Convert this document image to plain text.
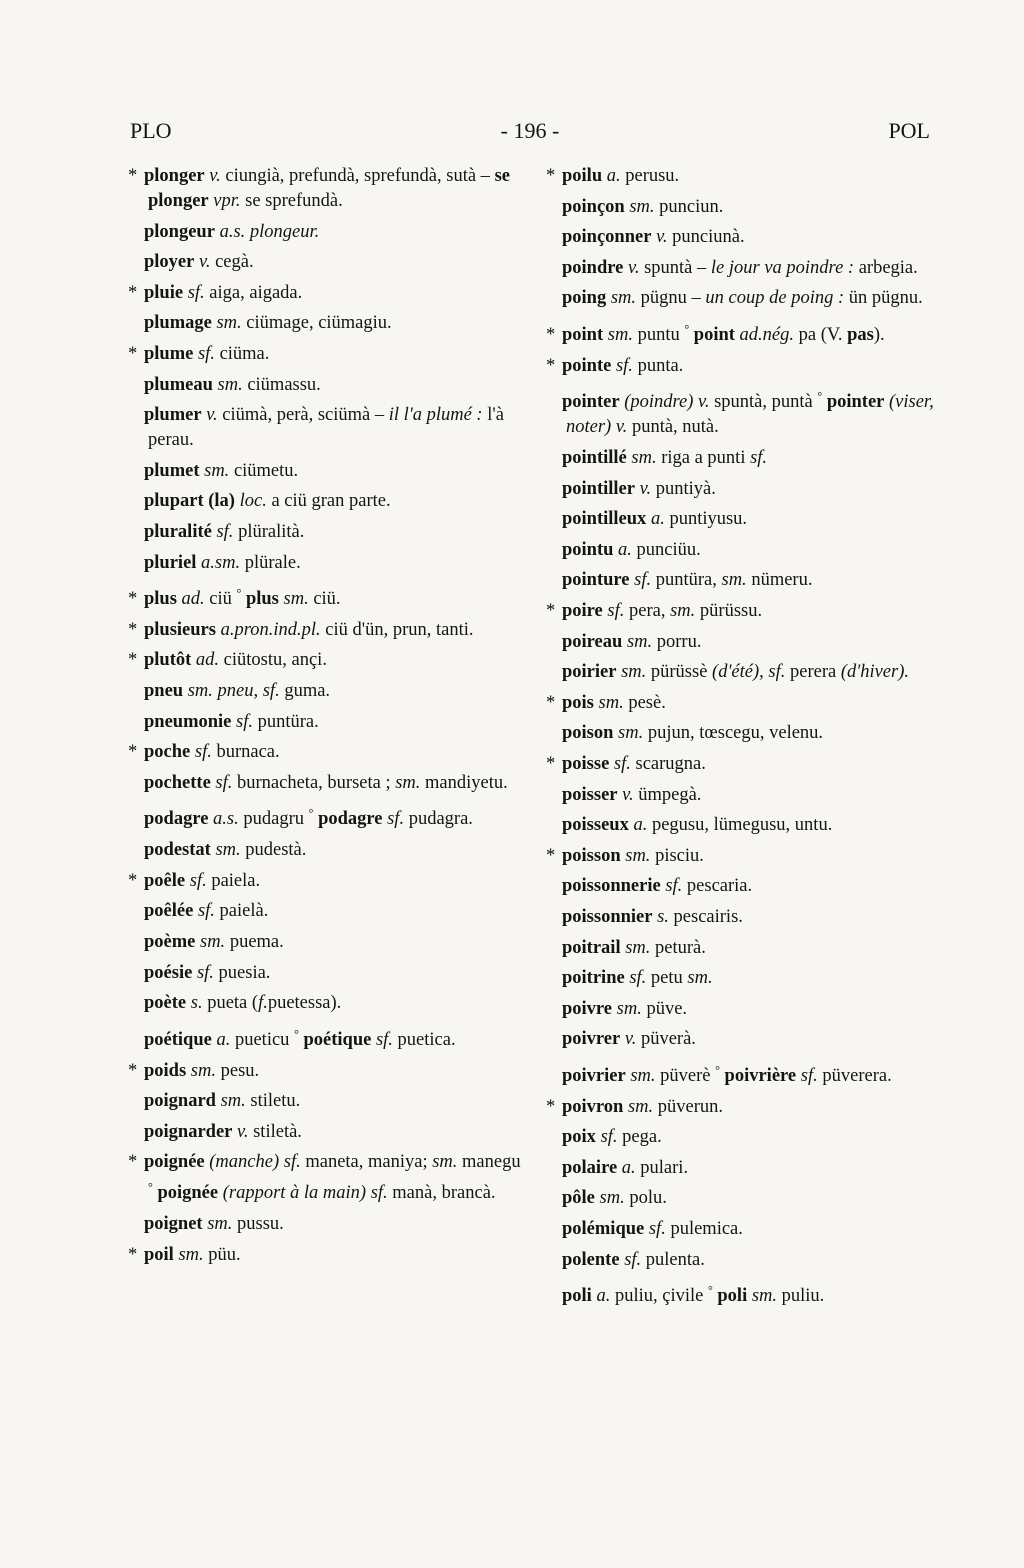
PLO	- 196 -	POL
* plonger v. ciungià, prefundà, sprefundà, sutà – se plonger vpr. se sprefundà.
plongeur a.s. plongeur.
ployer v. cegà.
* pluie sf. aiga, aigada.
plumage sm. ciümage, ciümagiu.
* plume sf. ciüma.
plumeau sm. ciümassu.
plumer v. ciümà, perà, sciümà – il l'a plumé : l'à perau.
plumet sm. ciümetu.
plupart (la) loc. a ciü gran parte.
pluralité sf. plüralità.
pluriel a.sm. plürale.
* plus ad. ciü ° plus sm. ciü.
* plusieurs a.pron.ind.pl. ciü d'ün, prun, tanti.
* plutôt ad. ciütostu, ançi.
pneu sm. pneu, sf. guma.
pneumonie sf. puntüra.
* poche sf. burnaca.
pochette sf. burnacheta, burseta ; sm. mandiyetu.
podagre a.s. pudagru ° podagre sf. pudagra.
podestat sm. pudestà.
* poêle sf. paiela.
poêlée sf. paielà.
poème sm. puema.
poésie sf. puesia.
poète s. pueta (f.puetessa).
poétique a. pueticu ° poétique sf. puetica.
* poids sm. pesu.
poignard sm. stiletu.
poignarder v. stiletà.
* poignée (manche) sf. maneta, maniya; sm. manegu ° poignée (rapport à la main) sf. manà, brancà.
poignet sm. pussu.
* poil sm. püu.
* poilu a. perusu.
poinçon sm. punciun.
poinçonner v. punciunà.
poindre v. spuntà – le jour va poindre : arbegia.
poing sm. pügnu – un coup de poing : ün pügnu.
* point sm. puntu ° point ad.nég. pa (V. pas).
* pointe sf. punta.
pointer (poindre) v. spuntà, puntà ° pointer (viser, noter) v. puntà, nutà.
pointillé sm. riga a punti sf.
pointiller v. puntiyà.
pointilleux a. puntiyusu.
pointu a. punciüu.
pointure sf. puntüra, sm. nümeru.
* poire sf. pera, sm. pürüssu.
poireau sm. porru.
poirier sm. pürüssè (d'été), sf. perera (d'hiver).
* pois sm. pesè.
poison sm. pujun, tœscegu, velenu.
* poisse sf. scarugna.
poisser v. ümpegà.
poisseux a. pegusu, lümegusu, untu.
* poisson sm. pisciu.
poissonnerie sf. pescaria.
poissonnier s. pescairis.
poitrail sm. peturà.
poitrine sf. petu sm.
poivre sm. püve.
poivrer v. püverà.
poivrier sm. püverè ° poivrière sf. püverera.
* poivron sm. püverun.
poix sf. pega.
polaire a. pulari.
pôle sm. polu.
polémique sf. pulemica.
polente sf. pulenta.
poli a. puliu, çivile ° poli sm. puliu.
